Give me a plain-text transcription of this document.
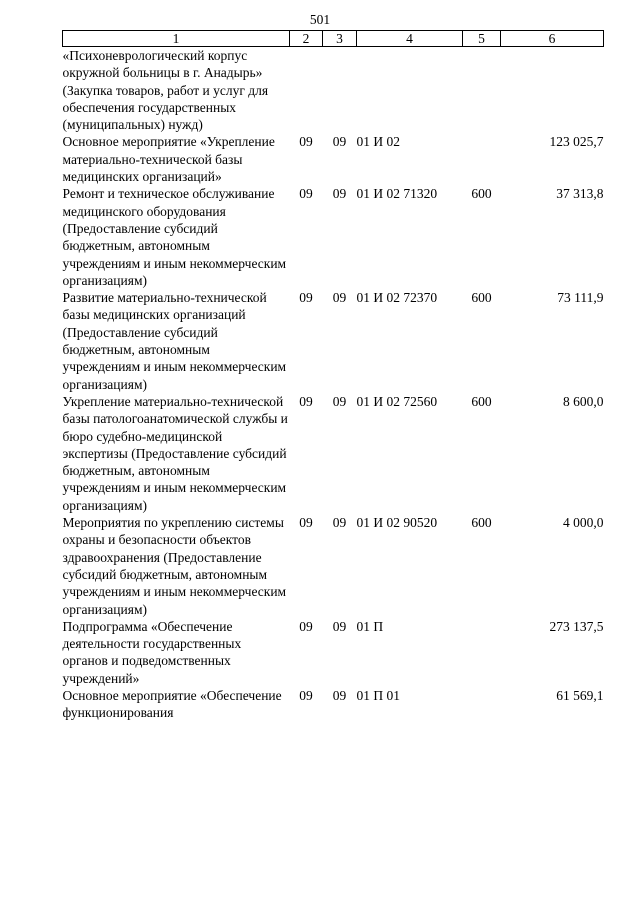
501
1	2	3	4	5	6
«Психоневрологический корпус окружной больницы в г. Анадырь» (Закупка товаров, работ и услуг для обеспечения государственных (муниципальных) нужд)					
Основное мероприятие «Укрепление материально-технической базы медицинских организаций»	09	09	01 И 02		123 025,7
Ремонт и техническое обслуживание медицинского оборудования (Предоставление субсидий бюджетным, автономным учреждениям и иным некоммерческим организациям)	09	09	01 И 02 71320	600	37 313,8
Развитие материально-технической базы медицинских организаций (Предоставление субсидий бюджетным, автономным учреждениям и иным некоммерческим организациям)	09	09	01 И 02 72370	600	73 111,9
Укрепление материально-технической базы патологоанатомической службы и бюро судебно-медицинской экспертизы (Предоставление субсидий бюджетным, автономным учреждениям и иным некоммерческим организациям)	09	09	01 И 02 72560	600	8 600,0
Мероприятия по укреплению системы охраны и безопасности объектов здравоохранения (Предоставление субсидий бюджетным, автономным учреждениям и иным некоммерческим организациям)	09	09	01 И 02 90520	600	4 000,0
Подпрограмма «Обеспечение деятельности государственных органов и подведомственных учреждений»	09	09	01 П		273 137,5
Основное мероприятие «Обеспечение функционирования	09	09	01 П 01		61 569,1
